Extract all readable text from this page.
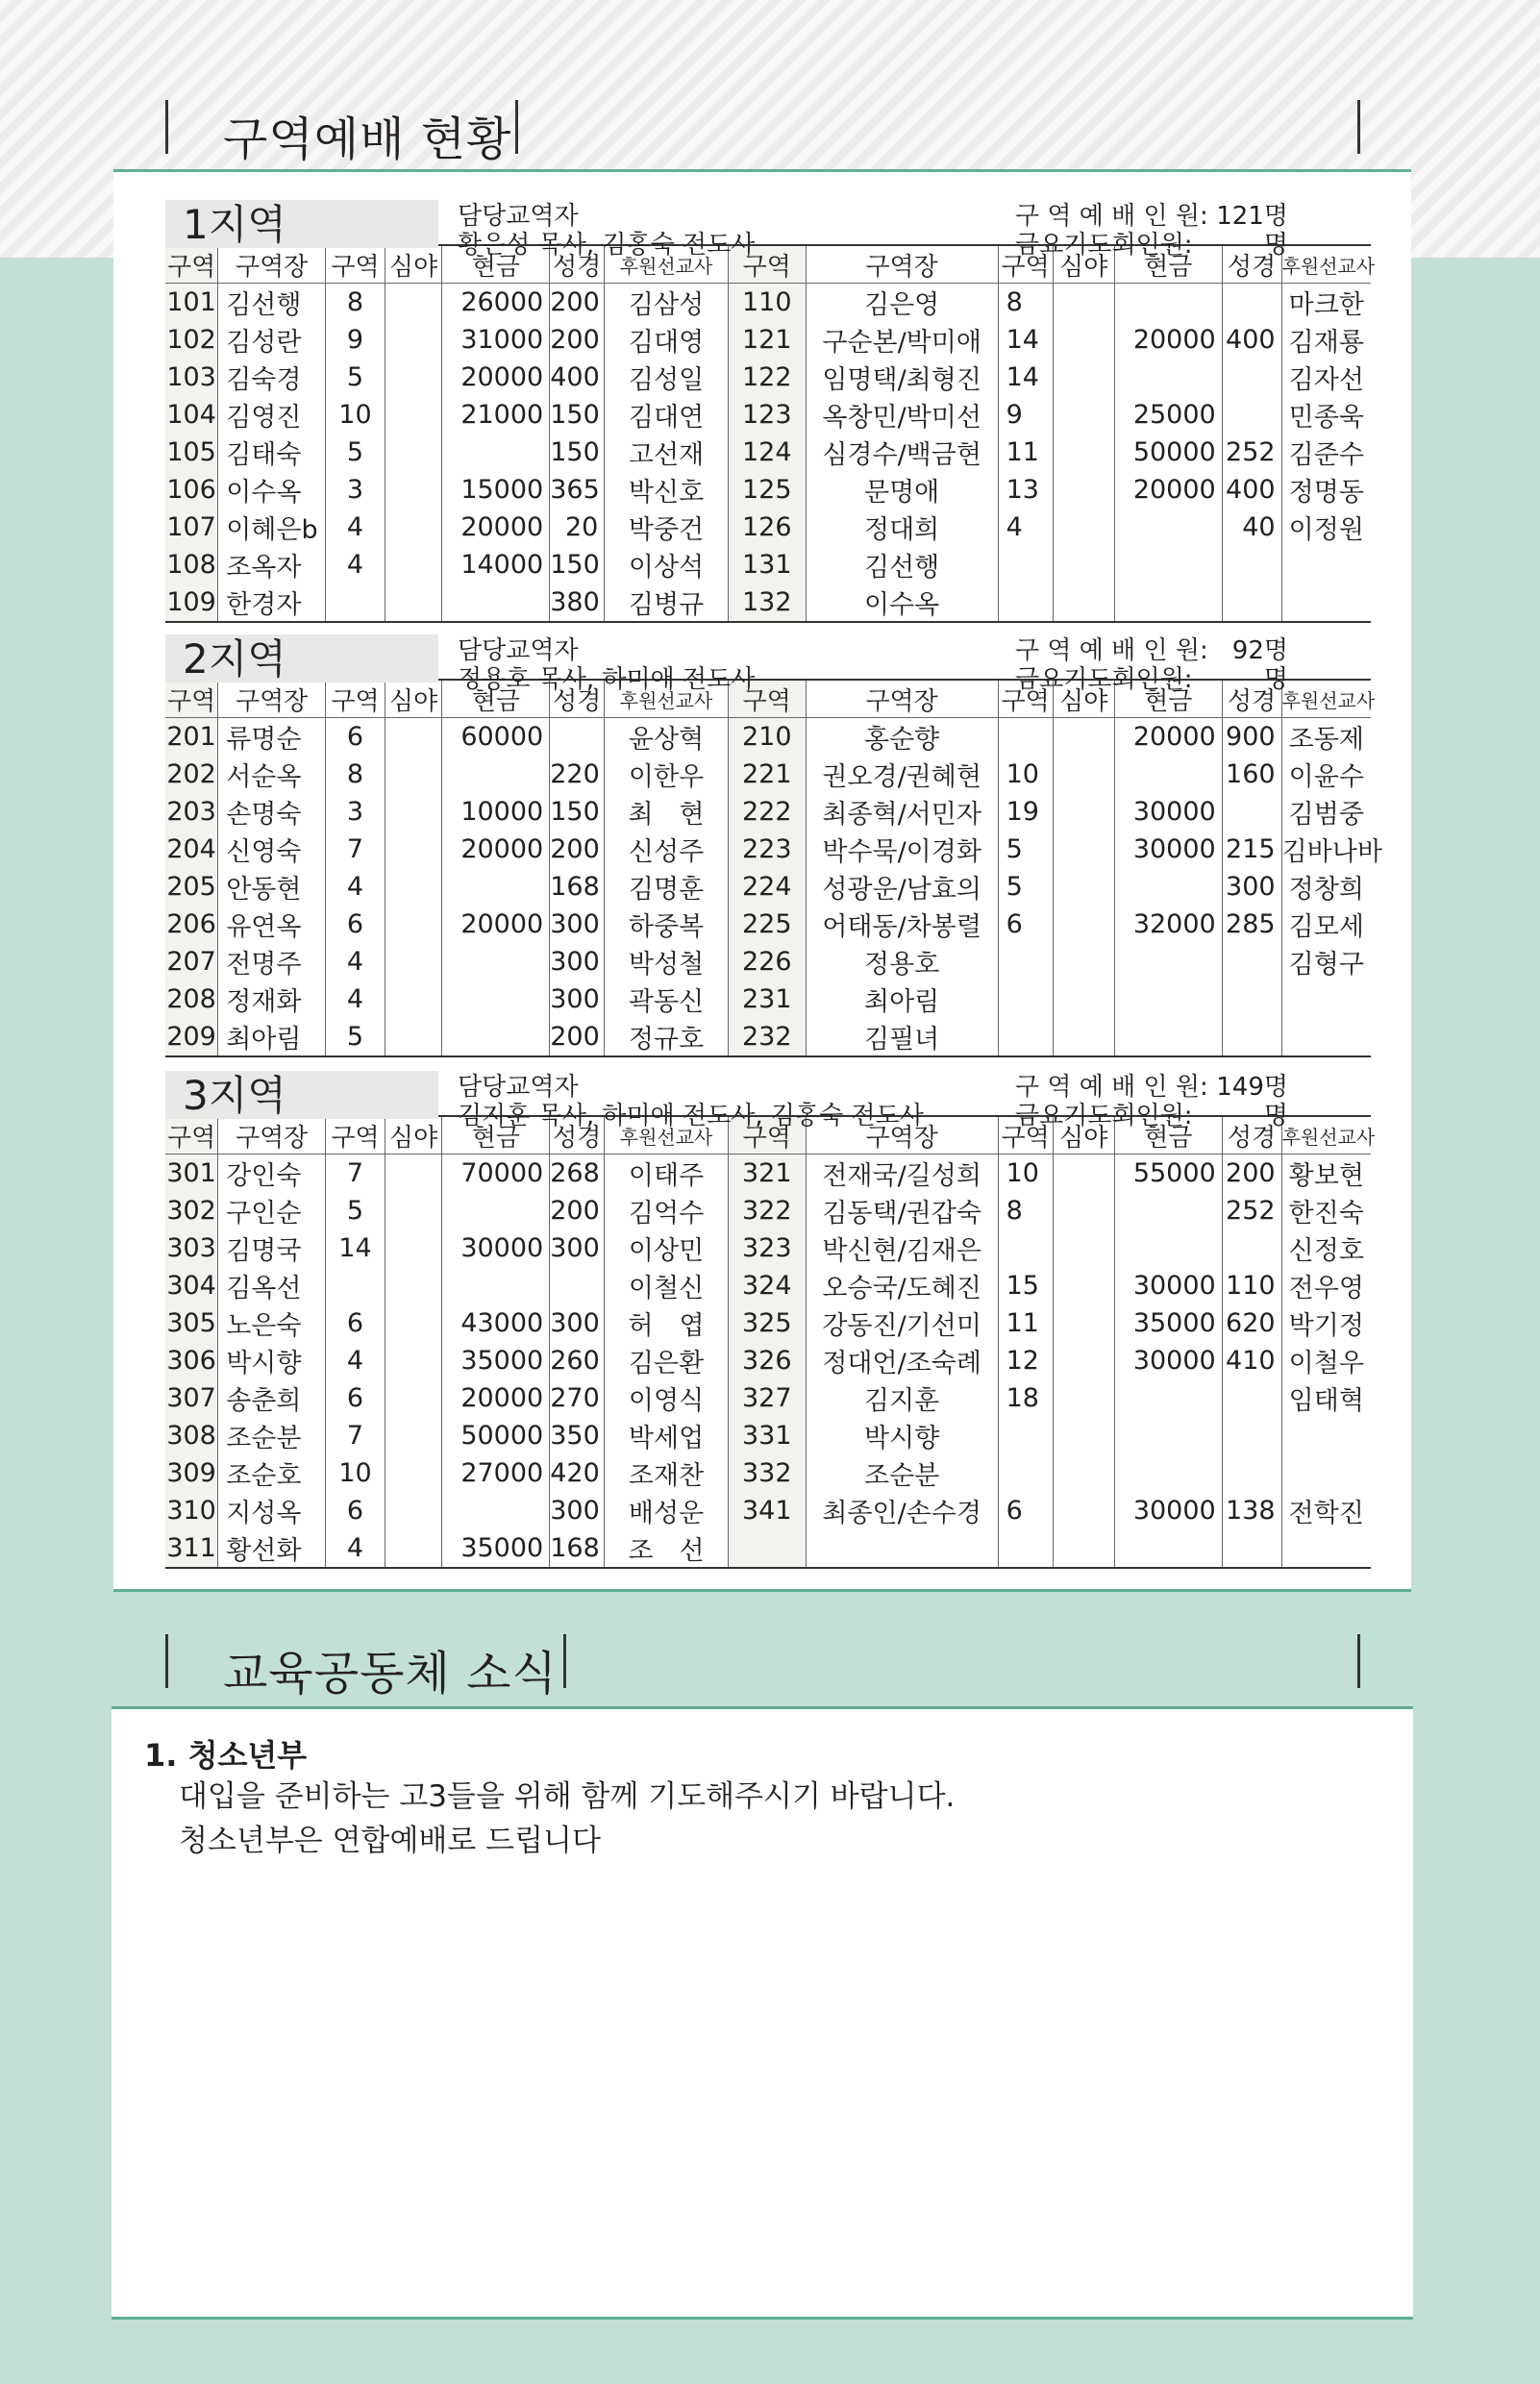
구역예배 현황
1지역	담당교역자
황은성 목사, 김홍숙 전도사
구 역 예 배 인 원: 121명
금요기도회인원:	명
구역	구역장	구역	심야	현금	성경	후원선교사	구역	구역장	구역	심야	현금	성경	후원선교사
101	김선행	8		26000	200	김삼성	110	김은영	8				마크한
102	김성란	9		31000	200	김대영	121	구순본/박미애	14		20000	400	김재룡
103	김숙경	5		20000	400	김성일	122	임명택/최형진	14				김자선
104	김영진	10		21000	150	김대연	123	옥창민/박미선	9		25000		민종욱
105	김태숙	5			150	고선재	124	심경수/백금현	11		50000	252	김준수
106	이수옥	3		15000	365	박신호	125	문명애	13		20000	400	정명동
107	이혜은b	4		20000	20	박중건	126	정대희	4			40	이정원
108	조옥자	4		14000	150	이상석	131	김선행					
109	한경자				380	김병규	132	이수옥					
2지역	담당교역자
정용호 목사, 하미애 전도사
구 역 예 배 인 원: 92명
금요기도회인원:	명
구역	구역장	구역	심야	현금	성경	후원선교사	구역	구역장	구역	심야	현금	성경	후원선교사
201	류명순	6		60000		윤상혁	210	홍순향			20000	900	조동제
202	서순옥	8			220	이한우	221	권오경/권혜현	10			160	이윤수
203	손명숙	3		10000	150	최　현	222	최종혁/서민자	19		30000		김범중
204	신영숙	7		20000	200	신성주	223	박수묵/이경화	5		30000	215	김바나바
205	안동현	4			168	김명훈	224	성광운/남효의	5			300	정창희
206	유연옥	6		20000	300	하중복	225	어태동/차봉렬	6		32000	285	김모세
207	전명주	4			300	박성철	226	정용호					김형구
208	정재화	4			300	곽동신	231	최아림					
209	최아림	5			200	정규호	232	김필녀					
3지역	담당교역자
김지훈 목사, 하미애 전도사, 김홍숙 전도사
구 역 예 배 인 원: 149명
금요기도회인원:	명
구역	구역장	구역	심야	현금	성경	후원선교사	구역	구역장	구역	심야	현금	성경	후원선교사
301	강인숙	7		70000	268	이태주	321	전재국/길성희	10		55000	200	황보현
302	구인순	5			200	김억수	322	김동택/권갑숙	8			252	한진숙
303	김명국	14		30000	300	이상민	323	박신현/김재은					신정호
304	김옥선					이철신	324	오승국/도혜진	15		30000	110	전우영
305	노은숙	6		43000	300	허　엽	325	강동진/기선미	11		35000	620	박기정
306	박시향	4		35000	260	김은환	326	정대언/조숙례	12		30000	410	이철우
307	송춘희	6		20000	270	이영식	327	김지훈	18				임태혁
308	조순분	7		50000	350	박세업	331	박시향					
309	조순호	10		27000	420	조재찬	332	조순분					
310	지성옥	6			300	배성운	341	최종인/손수경	6		30000	138	전학진
311	황선화	4		35000	168	조　선							
교육공동체 소식
1. 청소년부
대입을 준비하는 고3들을 위해 함께 기도해주시기 바랍니다.
청소년부은 연합예배로 드립니다
